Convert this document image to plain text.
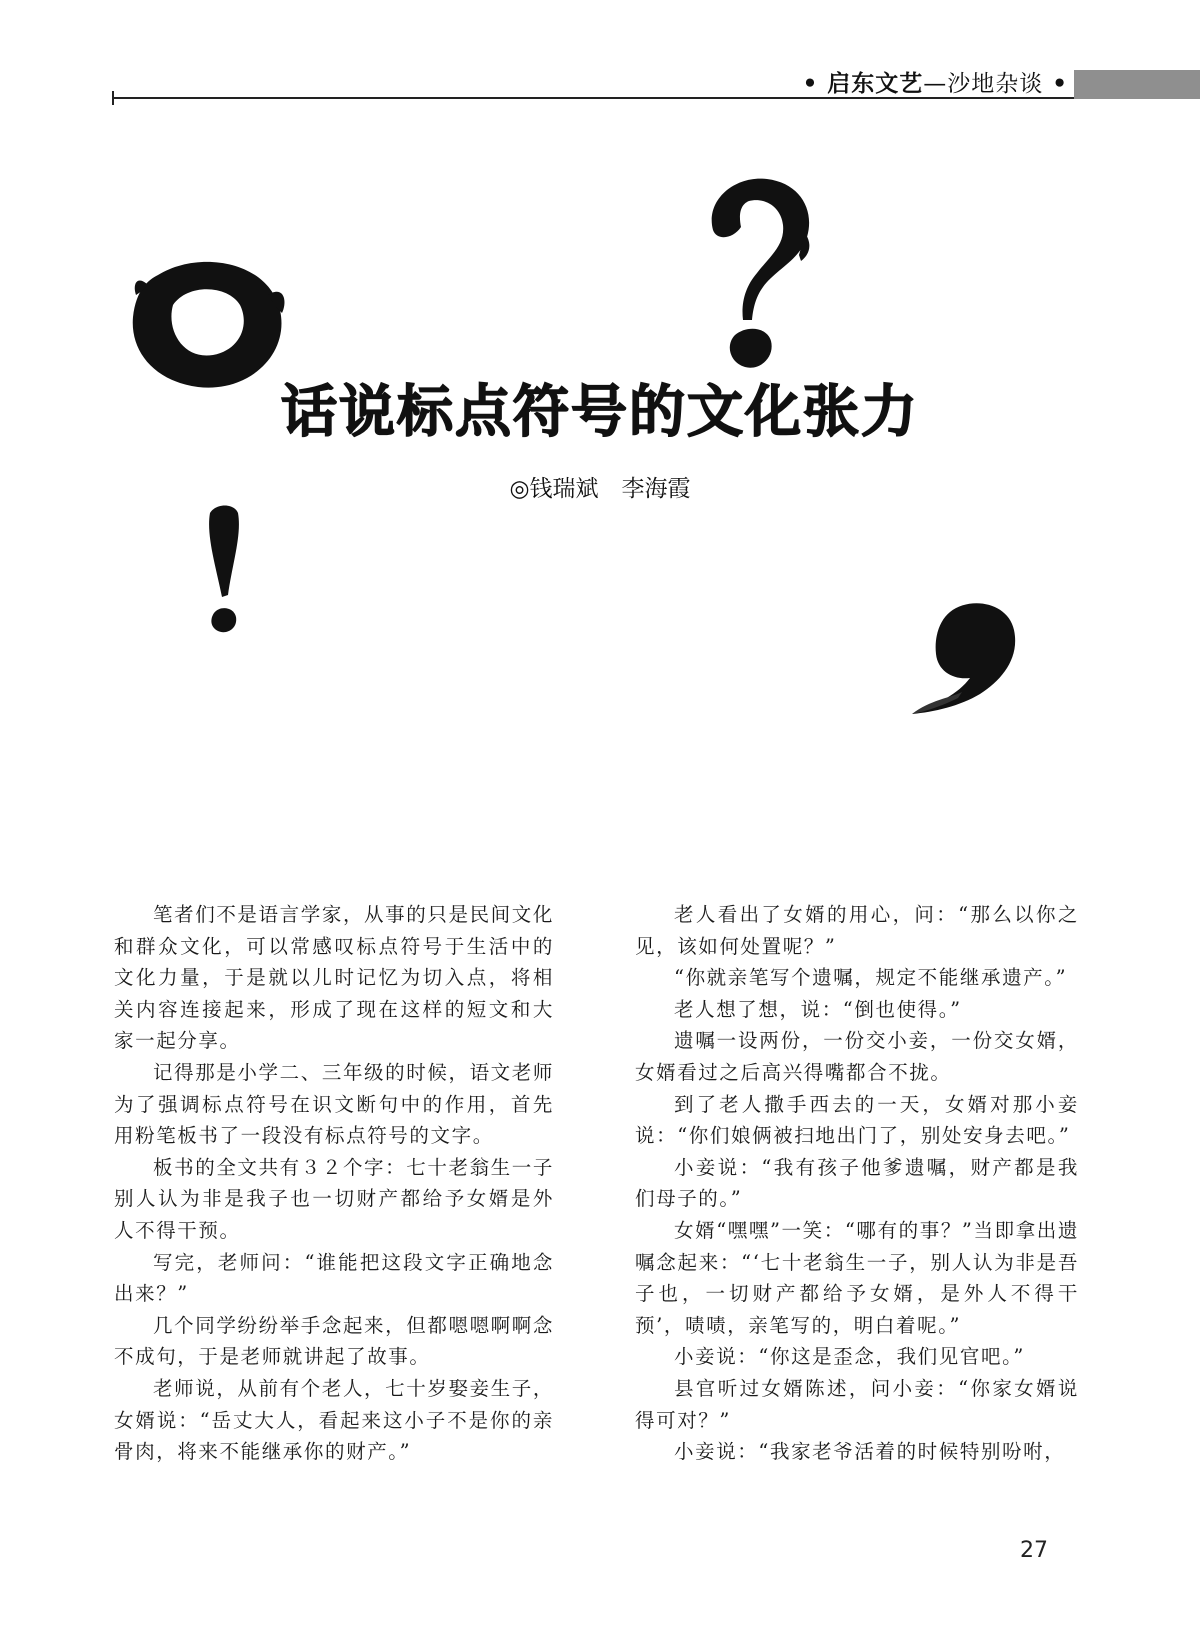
• 启东文艺—沙地杂谈 •
话说标点符号的文化张力
◎钱瑞斌　李海霞

笔者们不是语言学家，从事的只是民间文化和群众文化，可以常感叹标点符号于生活中的文化力量，于是就以儿时记忆为切入点，将相关内容连接起来，形成了现在这样的短文和大家一起分享。

记得那是小学二、三年级的时候，语文老师为了强调标点符号在识文断句中的作用，首先用粉笔板书了一段没有标点符号的文字。

板书的全文共有３２个字：七十老翁生一子别人认为非是我子也一切财产都给予女婿是外人不得干预。

写完，老师问：“谁能把这段文字正确地念出来？”

几个同学纷纷举手念起来，但都嗯嗯啊啊念不成句，于是老师就讲起了故事。

老师说，从前有个老人，七十岁娶妾生子，女婿说：“岳丈大人，看起来这小子不是你的亲骨肉，将来不能继承你的财产。”

老人看出了女婿的用心，问：“那么以你之见，该如何处置呢？”

“你就亲笔写个遗嘱，规定不能继承遗产。”

老人想了想，说：“倒也使得。”

遗嘱一设两份，一份交小妾，一份交女婿，女婿看过之后高兴得嘴都合不拢。

到了老人撒手西去的一天，女婿对那小妾说：“你们娘俩被扫地出门了，别处安身去吧。”

小妾说：“我有孩子他爹遗嘱，财产都是我们母子的。”

女婿“嘿嘿”一笑：“哪有的事？”当即拿出遗嘱念起来：“‘七十老翁生一子，别人认为非是吾子也，一切财产都给予女婿，是外人不得干预’，啧啧，亲笔写的，明白着呢。”

小妾说：“你这是歪念，我们见官吧。”

县官听过女婿陈述，问小妾：“你家女婿说得可对？”

小妾说：“我家老爷活着的时候特别吩咐，

27
